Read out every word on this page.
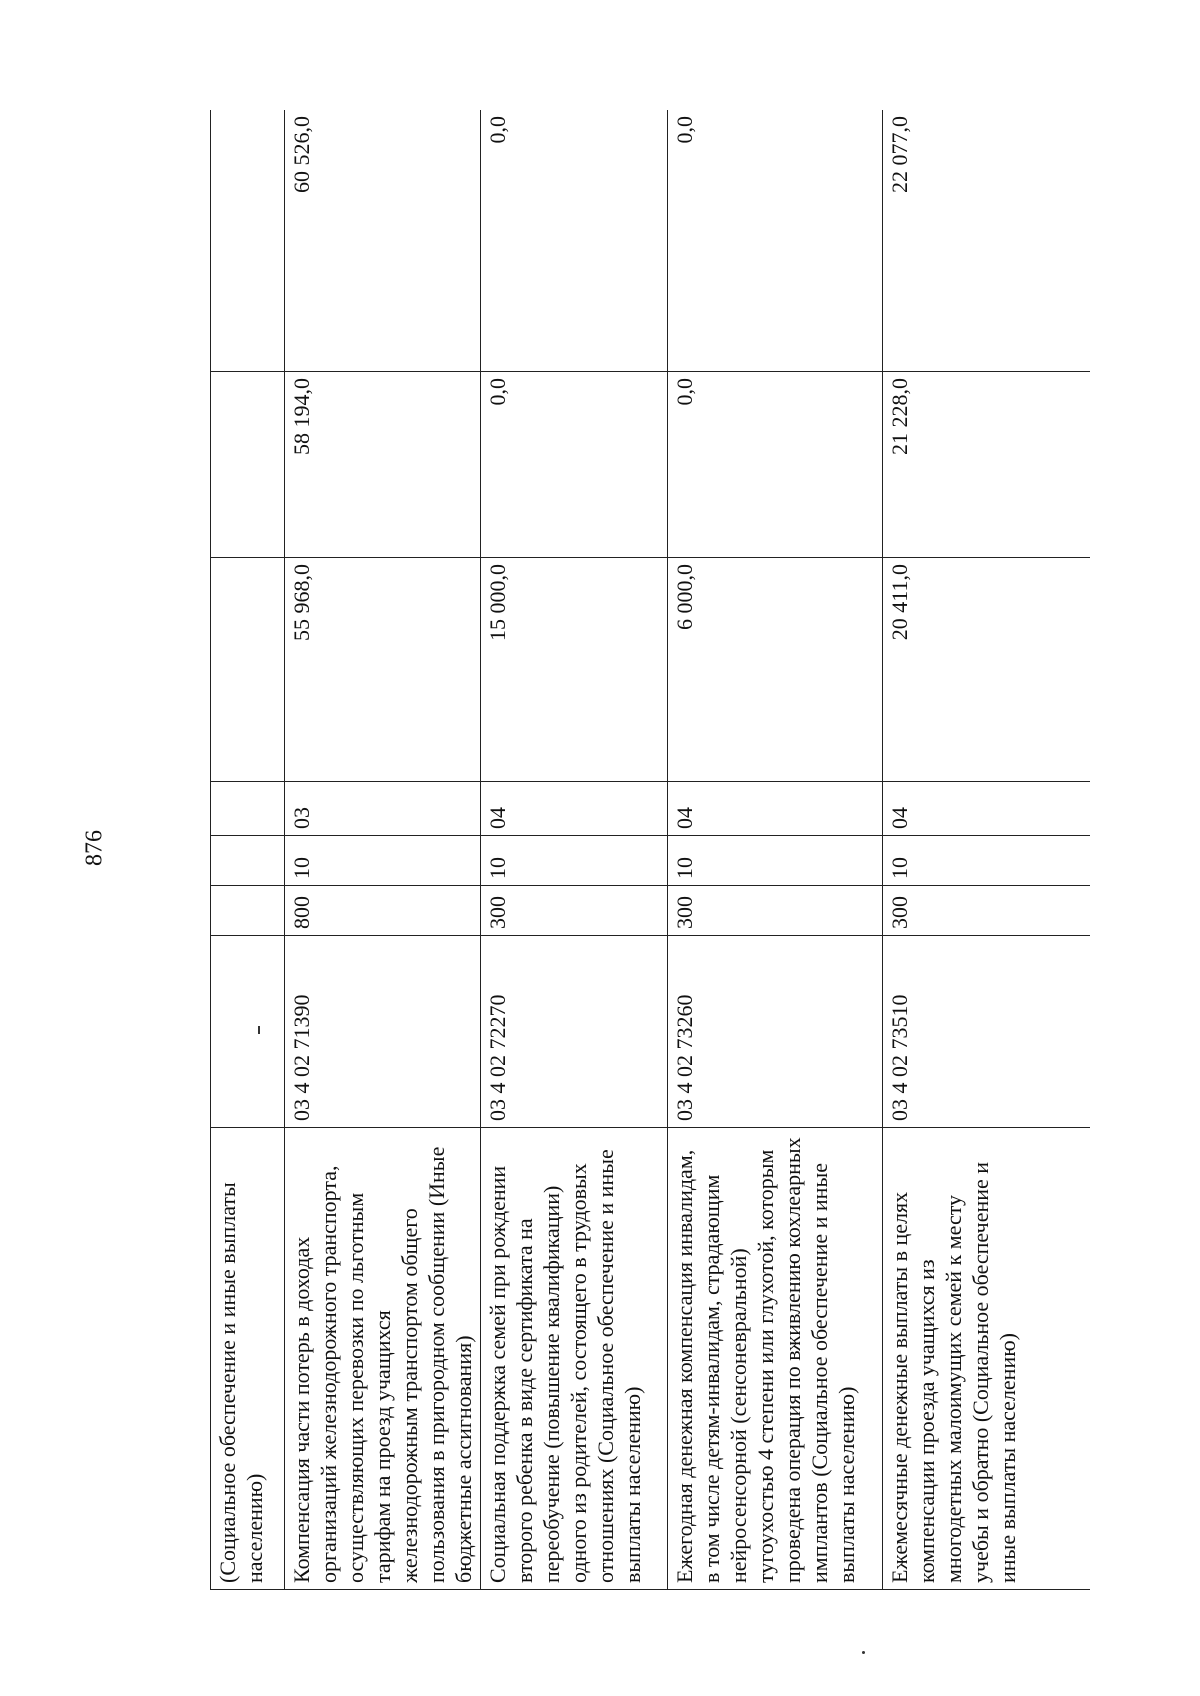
876
(Социальное обеспечение и иные выплаты населению)							
Компенсация части потерь в доходах организаций железнодорожного транспорта, осуществляющих перевозки по льготным тарифам на проезд учащихся железнодорожным транспортом общего пользования в пригородном сообщении (Иные бюджетные ассигнования)	03 4 02 71390	800	10	03	55 968,0	58 194,0	60 526,0
Социальная поддержка семей при рождении второго ребенка в виде сертификата на переобучение (повышение квалификации) одного из родителей, состоящего в трудовых отношениях (Социальное обеспечение и иные выплаты населению)	03 4 02 72270	300	10	04	15 000,0	0,0	0,0
Ежегодная денежная компенсация инвалидам, в том числе детям-инвалидам, страдающим нейросенсорной (сенсоневральной) тугоухостью 4 степени или глухотой, которым проведена операция по вживлению кохлеарных имплантов (Социальное обеспечение и иные выплаты населению)	03 4 02 73260	300	10	04	6 000,0	0,0	0,0
Ежемесячные денежные выплаты в целях компенсации проезда учащихся из многодетных малоимущих семей к месту учебы и обратно (Социальное обеспечение и иные выплаты населению)	03 4 02 73510	300	10	04	20 411,0	21 228,0	22 077,0
